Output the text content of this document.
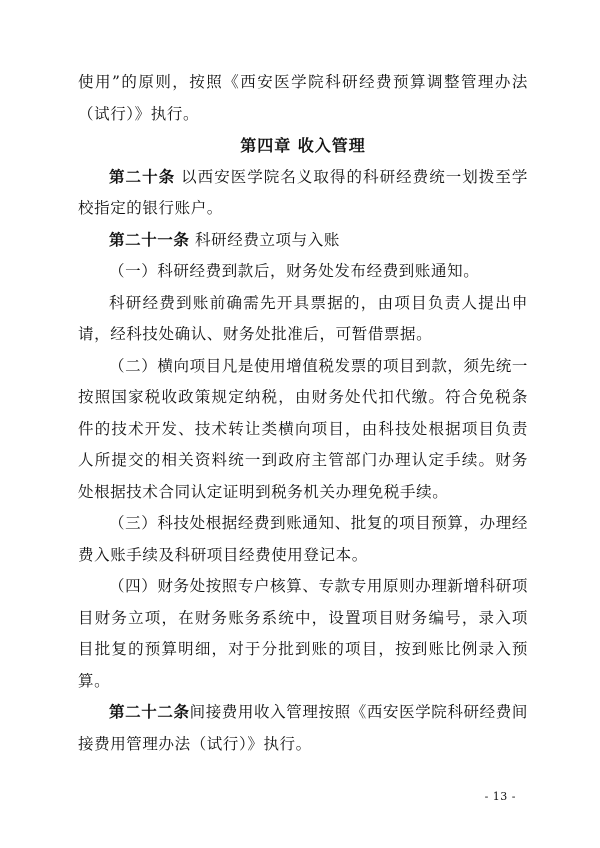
使用”的原则，按照《西安医学院科研经费预算调整管理办法（试行）》执行。

第四章 收入管理

第二十条 以西安医学院名义取得的科研经费统一划拨至学校指定的银行账户。

第二十一条 科研经费立项与入账

（一）科研经费到款后，财务处发布经费到账通知。

科研经费到账前确需先开具票据的，由项目负责人提出申请，经科技处确认、财务处批准后，可暂借票据。

（二）横向项目凡是使用增值税发票的项目到款，须先统一按照国家税收政策规定纳税，由财务处代扣代缴。符合免税条件的技术开发、技术转让类横向项目，由科技处根据项目负责人所提交的相关资料统一到政府主管部门办理认定手续。财务处根据技术合同认定证明到税务机关办理免税手续。

（三）科技处根据经费到账通知、批复的项目预算，办理经费入账手续及科研项目经费使用登记本。

（四）财务处按照专户核算、专款专用原则办理新增科研项目财务立项，在财务账务系统中，设置项目财务编号，录入项目批复的预算明细，对于分批到账的项目，按到账比例录入预算。

第二十二条间接费用收入管理按照《西安医学院科研经费间接费用管理办法（试行）》执行。

- 13 -
